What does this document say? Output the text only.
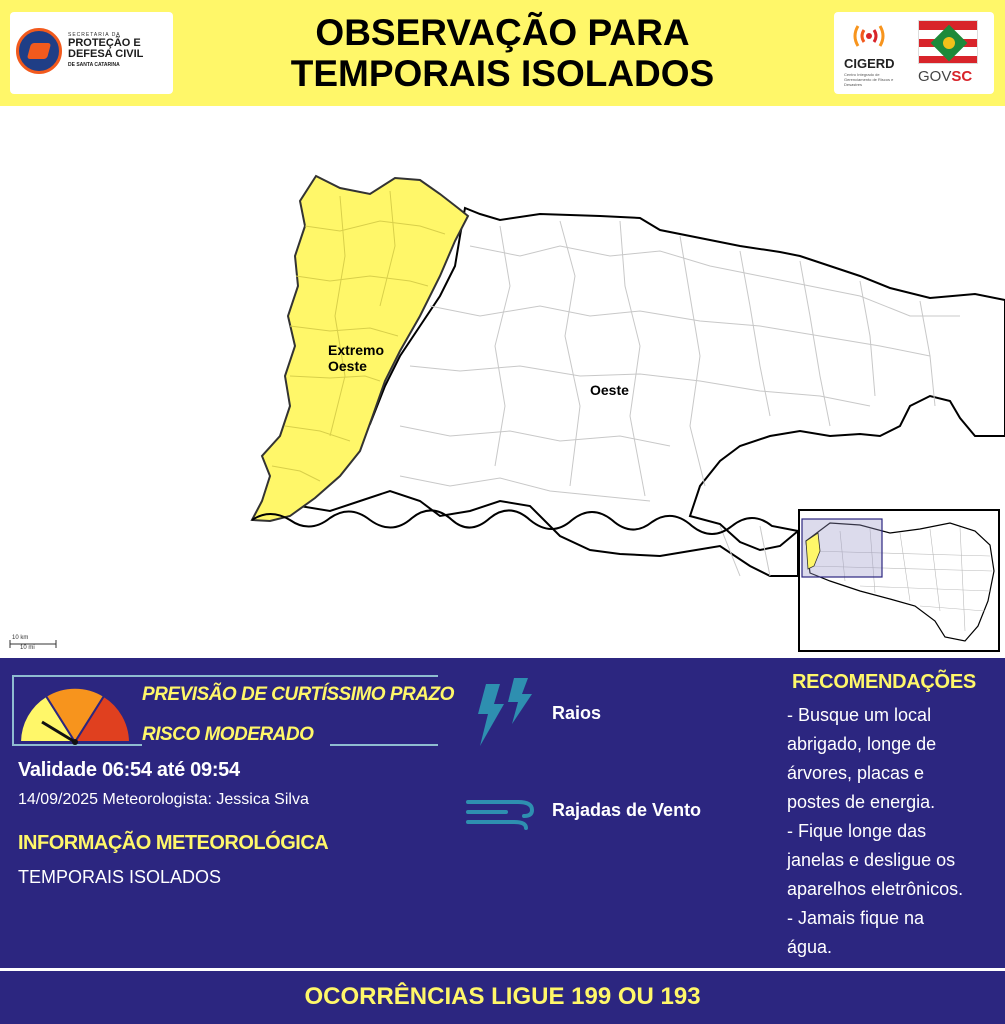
SECRETARIA DA
PROTEÇÃO E DEFESA CIVIL
DE SANTA CATARINA
OBSERVAÇÃO PARA
TEMPORAIS ISOLADOS	CIGERD
Centro Integrado de Gerenciamento de Riscos e Desastres	GOVSC
Extremo
Oeste
Oeste
10 km
10 mi
PREVISÃO DE CURTÍSSIMO PRAZO
RISCO MODERADO
Validade 06:54 até 09:54
14/09/2025 Meteorologista: Jessica Silva
INFORMAÇÃO METEOROLÓGICA
TEMPORAIS ISOLADOS
Raios
Rajadas de Vento
RECOMENDAÇÕES
- Busque um local
abrigado, longe de
árvores, placas e
postes de energia.
- Fique longe das
janelas e desligue os
aparelhos eletrônicos.
- Jamais fique na
água.
OCORRÊNCIAS LIGUE 199 OU 193
